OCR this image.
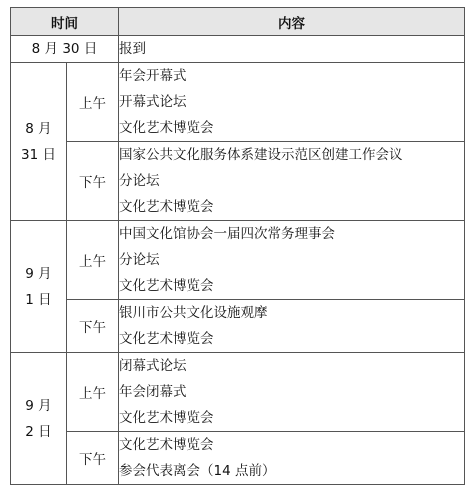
时间		内容
8 月 30 日		报到

8 月
31 日	上午	年会开幕式
开幕式论坛
文化艺术博览会

	下午	国家公共文化服务体系建设示范区创建工作会议
分论坛
文化艺术博览会

9 月
1 日	上午	中国文化馆协会一届四次常务理事会
分论坛
文化艺术博览会

	下午	银川市公共文化设施观摩
文化艺术博览会

9 月
2 日	上午	闭幕式论坛
年会闭幕式
文化艺术博览会

	下午	文化艺术博览会
参会代表离会（14 点前）
